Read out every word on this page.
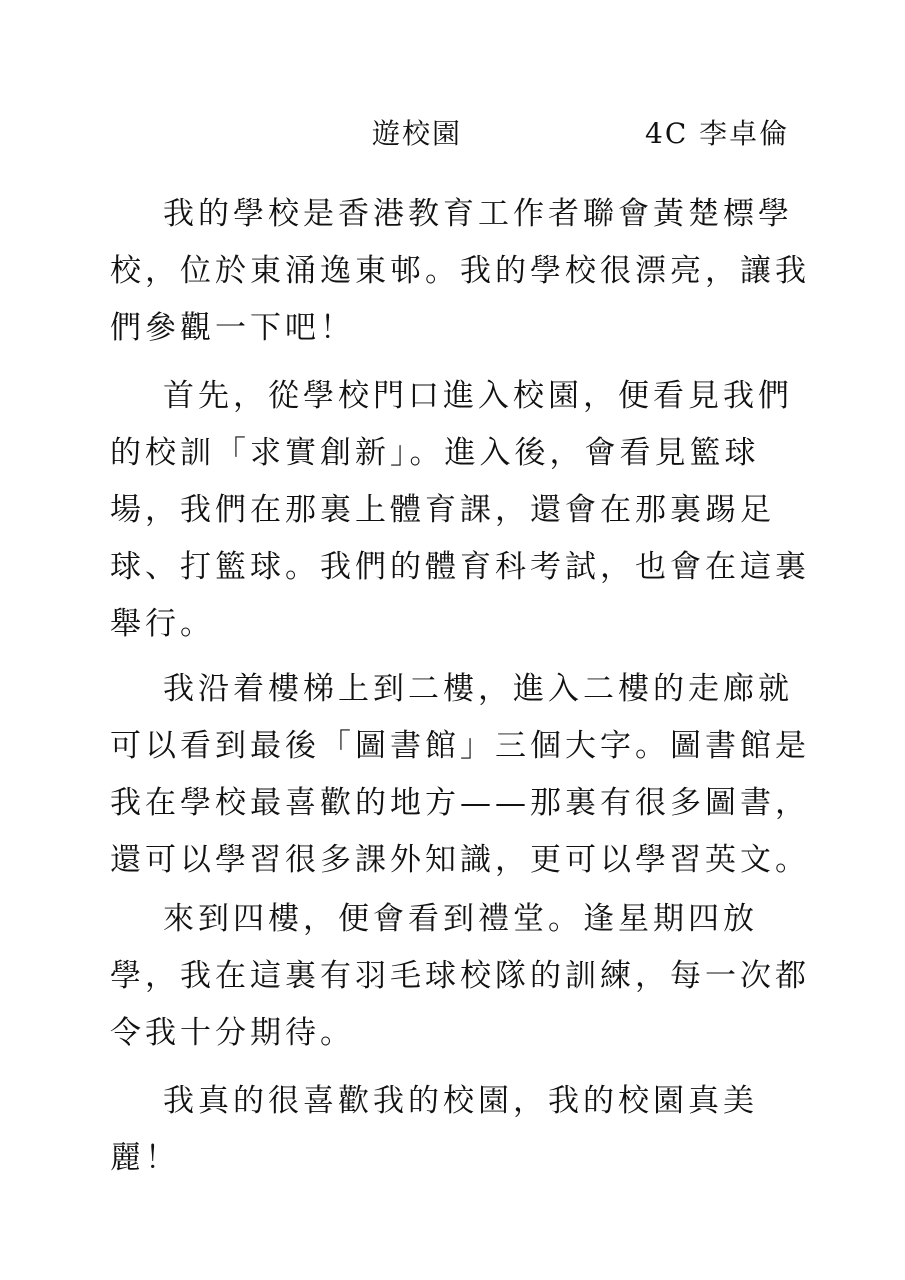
遊校園	4C 李卓倫
我的學校是香港教育工作者聯會黃楚標學
校，位於東涌逸東邨。我的學校很漂亮，讓我
們參觀一下吧！
首先，從學校門口進入校園，便看見我們
的校訓「求實創新」。進入後，會看見籃球
場，我們在那裏上體育課，還會在那裏踢足
球、打籃球。我們的體育科考試，也會在這裏
舉行。
我沿着樓梯上到二樓，進入二樓的走廊就
可以看到最後「圖書館」三個大字。圖書館是
我在學校最喜歡的地方——那裏有很多圖書，
還可以學習很多課外知識，更可以學習英文。
來到四樓，便會看到禮堂。逢星期四放
學，我在這裏有羽毛球校隊的訓練，每一次都
令我十分期待。
我真的很喜歡我的校園，我的校園真美
麗！
